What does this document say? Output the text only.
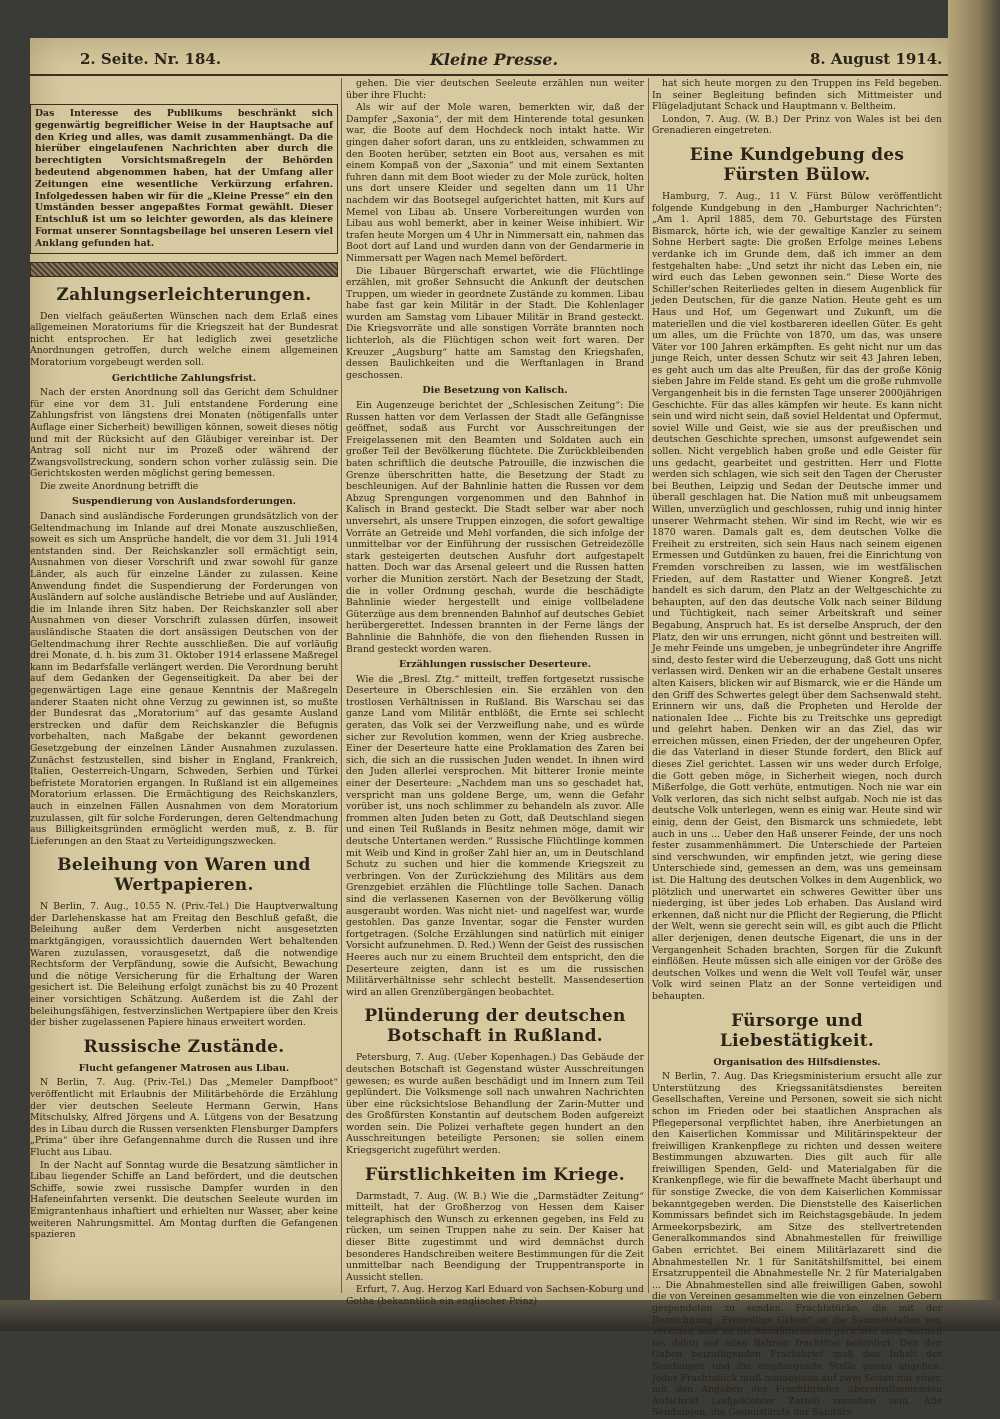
2. Seite. Nr. 184.	Kleine Presse.	8. August 1914.
Das Interesse des Publikums beschränkt sich gegenwärtig begreiflicher Weise in der Hauptsache auf den Krieg und alles, was damit zusammenhängt. Da die hierüber eingelaufenen Nachrichten aber durch die berechtigten Vorsichtsmaßregeln der Behörden bedeutend abgenommen haben, hat der Umfang aller Zeitungen eine wesentliche Verkürzung erfahren. Infolgedessen haben wir für die „Kleine Presse“ ein den Umständen besser angepaßtes Format gewählt. Dieser Entschluß ist um so leichter geworden, als das kleinere Format unserer Sonntagsbeilage bei unseren Lesern viel Anklang gefunden hat.
Zahlungserleichterungen.

Den vielfach geäußerten Wünschen nach dem Erlaß eines allgemeinen Moratoriums für die Kriegszeit hat der Bundesrat nicht entsprochen. Er hat lediglich zwei gesetzliche Anordnungen getroffen, durch welche einem allgemeinen Moratorium vorgebeugt werden soll.

Gerichtliche Zahlungsfrist.

Nach der ersten Anordnung soll das Gericht dem Schuldner für eine vor dem 31. Juli entstandene Forderung eine Zahlungsfrist von längstens drei Monaten (nötigenfalls unter Auflage einer Sicherheit) bewilligen können, soweit dieses nötig und mit der Rücksicht auf den Gläubiger vereinbar ist. Der Antrag soll nicht nur im Prozeß oder während der Zwangsvollstreckung, sondern schon vorher zulässig sein. Die Gerichtskosten werden möglichst gering bemessen.

Die zweite Anordnung betrifft die

Suspendierung von Auslandsforderungen.

Danach sind ausländische Forderungen grundsätzlich von der Geltendmachung im Inlande auf drei Monate auszuschließen, soweit es sich um Ansprüche handelt, die vor dem 31. Juli 1914 entstanden sind. Der Reichskanzler soll ermächtigt sein, Ausnahmen von dieser Vorschrift und zwar sowohl für ganze Länder, als auch für einzelne Länder zu zulassen. Keine Anwendung findet die Suspendierung der Forderungen von Ausländern auf solche ausländische Betriebe und auf Ausländer, die im Inlande ihren Sitz haben. Der Reichskanzler soll aber Ausnahmen von dieser Vorschrift zulassen dürfen, insoweit ausländische Staaten die dort ansässigen Deutschen von der Geltendmachung ihrer Rechte ausschließen. Die auf vorläufig drei Monate, d. h. bis zum 31. Oktober 1914 erlassene Maßregel kann im Bedarfsfalle verlängert werden. Die Verordnung beruht auf dem Gedanken der Gegenseitigkeit. Da aber bei der gegenwärtigen Lage eine genaue Kenntnis der Maßregeln anderer Staaten nicht ohne Verzug zu gewinnen ist, so mußte der Bundesrat das „Moratorium“ auf das gesamte Ausland erstrecken und dafür dem Reichskanzler die Befugnis vorbehalten, nach Maßgabe der bekannt gewordenen Gesetzgebung der einzelnen Länder Ausnahmen zuzulassen. Zunächst festzustellen, sind bisher in England, Frankreich, Italien, Oesterreich-Ungarn, Schweden, Serbien und Türkei befristete Moratorien ergangen. In Rußland ist ein allgemeines Moratorium erlassen. Die Ermächtigung des Reichskanzlers, auch in einzelnen Fällen Ausnahmen von dem Moratorium zuzulassen, gilt für solche Forderungen, deren Geltendmachung aus Billigkeitsgründen ermöglicht werden muß, z. B. für Lieferungen an den Staat zu Verteidigungszwecken.

Beleihung von Waren und Wertpapieren.

N Berlin, 7. Aug., 10.55 N. (Priv.-Tel.) Die Hauptverwaltung der Darlehenskasse hat am Freitag den Beschluß gefaßt, die Beleihung außer dem Verderben nicht ausgesetzten marktgängigen, voraussichtlich dauernden Wert behaltenden Waren zuzulassen, vorausgesetzt, daß die notwendige Rechtsform der Verpfändung, sowie die Aufsicht, Bewachung und die nötige Versicherung für die Erhaltung der Waren gesichert ist. Die Beleihung erfolgt zunächst bis zu 40 Prozent einer vorsichtigen Schätzung. Außerdem ist die Zahl der beleihungsfähigen, festverzinslichen Wertpapiere über den Kreis der bisher zugelassenen Papiere hinaus erweitert worden.

Russische Zustände.
Flucht gefangener Matrosen aus Libau.

N Berlin, 7. Aug. (Priv.-Tel.) Das „Memeler Dampfboot“ veröffentlicht mit Erlaubnis der Militärbehörde die Erzählung der vier deutschen Seeleute Hermann Gerwin, Hans Mitschulsky, Alfred Jörgens und A. Lütgens von der Besatzung des in Libau durch die Russen versenkten Flensburger Dampfers „Prima“ über ihre Gefangennahme durch die Russen und ihre Flucht aus Libau.

In der Nacht auf Sonntag wurde die Besatzung sämtlicher in Libau liegender Schiffe an Land befördert, und die deutschen Schiffe, sowie zwei russische Dampfer wurden in den Hafeneinfahrten versenkt. Die deutschen Seeleute wurden im Emigrantenhaus inhaftiert und erhielten nur Wasser, aber keine weiteren Nahrungsmittel. Am Montag durften die Gefangenen spazieren

gehen. Die vier deutschen Seeleute erzählen nun weiter über ihre Flucht:

Als wir auf der Mole waren, bemerkten wir, daß der Dampfer „Saxonia“, der mit dem Hinterende total gesunken war, die Boote auf dem Hochdeck noch intakt hatte. Wir gingen daher sofort daran, uns zu entkleiden, schwammen zu den Booten herüber, setzten ein Boot aus, versahen es mit einem Kompaß von der „Saxonia“ und mit einem Sextanten fuhren dann mit dem Boot wieder zu der Mole zurück, holten uns dort unsere Kleider und segelten dann um 11 Uhr nachdem wir das Bootsegel aufgerichtet hatten, mit Kurs auf Memel von Libau ab. Unsere Vorbereitungen wurden von Libau aus wohl bemerkt, aber in keiner Weise inhibiert. Wir trafen heute Morgen um 4 Uhr in Nimmersatt ein, nahmen das Boot dort auf Land und wurden dann von der Gendarmerie in Nimmersatt per Wagen nach Memel befördert.

Die Libauer Bürgerschaft erwartet, wie die Flüchtlinge erzählen, mit großer Sehnsucht die Ankunft der deutschen Truppen, um wieder in geordnete Zustände zu kommen. Libau habe fast gar kein Militär in der Stadt. Die Kohlenlager wurden am Samstag vom Libauer Militär in Brand gesteckt. Die Kriegsvorräte und alle sonstigen Vorräte brannten noch lichterloh, als die Flüchtigen schon weit fort waren. Der Kreuzer „Augsburg“ hatte am Samstag den Kriegshafen, dessen Baulichkeiten und die Werftanlagen in Brand geschossen.

Die Besetzung von Kalisch.

Ein Augenzeuge berichtet der „Schlesischen Zeitung“: Die Russen hatten vor dem Verlassen der Stadt alle Gefängnisse geöffnet, sodaß aus Furcht vor Ausschreitungen der Freigelassenen mit den Beamten und Soldaten auch ein großer Teil der Bevölkerung flüchtete. Die Zurückbleibenden baten schriftlich die deutsche Patrouille, die inzwischen die Grenze überschritten hatte, die Besetzung der Stadt zu beschleunigen. Auf der Bahnlinie hatten die Russen vor dem Abzug Sprengungen vorgenommen und den Bahnhof in Kalisch in Brand gesteckt. Die Stadt selber war aber noch unversehrt, als unsere Truppen einzogen, die sofort gewaltige Vorräte an Getreide und Mehl vorfanden, die sich infolge der unmittelbar vor der Einführung der russischen Getreidezölle stark gesteigerten deutschen Ausfuhr dort aufgestapelt hatten. Doch war das Arsenal geleert und die Russen hatten vorher die Munition zerstört. Nach der Besetzung der Stadt, die in voller Ordnung geschah, wurde die beschädigte Bahnlinie wieder hergestellt und einige vollbeladene Güterzüge aus dem brennenden Bahnhof auf deutsches Gebiet herübergerettet. Indessen brannten in der Ferne längs der Bahnlinie die Bahnhöfe, die von den fliehenden Russen in Brand gesteckt worden waren.

Erzählungen russischer Deserteure.

Wie die „Bresl. Ztg.“ mitteilt, treffen fortgesetzt russische Deserteure in Oberschlesien ein. Sie erzählen von den trostlosen Verhältnissen in Rußland. Bis Warschau sei das ganze Land vom Militär entblößt, die Ernte sei schlecht geraten, das Volk sei der Verzweiflung nahe, und es würde sicher zur Revolution kommen, wenn der Krieg ausbreche. Einer der Deserteure hatte eine Proklamation des Zaren bei sich, die sich an die russischen Juden wendet. In ihnen wird den Juden allerlei versprochen. Mit bitterer Ironie meinte einer der Deserteure: „Nachdem man uns so geschadet hat, verspricht man uns goldene Berge, um, wenn die Gefahr vorüber ist, uns noch schlimmer zu behandeln als zuvor. Alle frommen alten Juden beten zu Gott, daß Deutschland siegen und einen Teil Rußlands in Besitz nehmen möge, damit wir deutsche Untertanen werden.“ Russische Flüchtlinge kommen mit Weib und Kind in großer Zahl hier an, um in Deutschland Schutz zu suchen und hier die kommende Kriegszeit zu verbringen. Von der Zurückziehung des Militärs aus dem Grenzgebiet erzählen die Flüchtlinge tolle Sachen. Danach sind die verlassenen Kasernen von der Bevölkerung völlig ausgeraubt worden. Was nicht niet- und nagelfest war, wurde gestohlen. Das ganze Inventar, sogar die Fenster wurden fortgetragen. (Solche Erzählungen sind natürlich mit einiger Vorsicht aufzunehmen. D. Red.) Wenn der Geist des russischen Heeres auch nur zu einem Bruchteil dem entspricht, den die Deserteure zeigten, dann ist es um die russischen Militärverhältnisse sehr schlecht bestellt. Massendesertion wird an allen Grenzübergängen beobachtet.

Plünderung der deutschen Botschaft in Rußland.

Petersburg, 7. Aug. (Ueber Kopenhagen.) Das Gebäude der deutschen Botschaft ist Gegenstand wüster Ausschreitungen gewesen; es wurde außen beschädigt und im Innern zum Teil geplündert. Die Volksmenge soll nach unwahren Nachrichten über eine rücksichtslose Behandlung der Zarin-Mutter und des Großfürsten Konstantin auf deutschem Boden aufgereizt worden sein. Die Polizei verhaftete gegen hundert an den Ausschreitungen beteiligte Personen; sie sollen einem Kriegsgericht zugeführt werden.

Fürstlichkeiten im Kriege.

Darmstadt, 7. Aug. (W. B.) Wie die „Darmstädter Zeitung“ mitteilt, hat der Großherzog von Hessen dem Kaiser telegraphisch den Wunsch zu erkennen gegeben, ins Feld zu rücken, um seinen Truppen nahe zu sein. Der Kaiser hat dieser Bitte zugestimmt und wird demnächst durch besonderes Handschreiben weitere Bestimmungen für die Zeit unmittelbar nach Beendigung der Truppentransporte in Aussicht stellen.

Erfurt, 7. Aug. Herzog Karl Eduard von Sachsen-Koburg und Gotha (bekanntlich ein englischer Prinz)

hat sich heute morgen zu den Truppen ins Feld begeben. In seiner Begleitung befinden sich Mittmeister und Flügeladjutant Schack und Hauptmann v. Beltheim.

London, 7. Aug. (W. B.) Der Prinz von Wales ist bei den Grenadieren eingetreten.

Eine Kundgebung des Fürsten Bülow.

Hamburg, 7. Aug., 11 V. Fürst Bülow veröffentlicht folgende Kundgebung in den „Hamburger Nachrichten“: „Am 1. April 1885, dem 70. Geburtstage des Fürsten Bismarck, hörte ich, wie der gewaltige Kanzler zu seinem Sohne Herbert sagte: Die großen Erfolge meines Lebens verdanke ich im Grunde dem, daß ich immer an dem festgehalten habe: „Und setzt ihr nicht das Leben ein, nie wird euch das Leben gewonnen sein.“ Diese Worte des Schiller'schen Reiterliedes gelten in diesem Augenblick für jeden Deutschen, für die ganze Nation. Heute geht es um Haus und Hof, um Gegenwart und Zukunft, um die materiellen und die viel kostbareren ideellen Güter. Es geht um alles, um die Früchte von 1870, um das, was unsere Väter vor 100 Jahren erkämpften. Es geht nicht nur um das junge Reich, unter dessen Schutz wir seit 43 Jahren leben, es geht auch um das alte Preußen, für das der große König sieben Jahre im Felde stand. Es geht um die große ruhmvolle Vergangenheit bis in die fernsten Tage unserer 2000jährigen Geschichte. Für das alles kämpfen wir heute. Es kann nicht sein und wird nicht sein, daß soviel Heldentat und Opfermut, soviel Wille und Geist, wie sie aus der preußischen und deutschen Geschichte sprechen, umsonst aufgewendet sein sollen. Nicht vergeblich haben große und edle Geister für uns gedacht, gearbeitet und gestritten. Herr und Flotte werden sich schlagen, wie sich seit den Tagen der Cheruster bei Beuthen, Leipzig und Sedan der Deutsche immer und überall geschlagen hat. Die Nation muß mit unbeugsamem Willen, unverzüglich und geschlossen, ruhig und innig hinter unserer Wehrmacht stehen. Wir sind im Recht, wie wir es 1870 waren. Damals galt es, dem deutschen Volke die Freiheit zu erstreiten, sich sein Haus nach seinem eigenen Ermessen und Gutdünken zu bauen, frei die Einrichtung von Fremden vorschreiben zu lassen, wie im westfälischen Frieden, auf dem Rastatter und Wiener Kongreß. Jetzt handelt es sich darum, den Platz an der Weltgeschichte zu behaupten, auf den das deutsche Volk nach seiner Bildung und Tüchtigkeit, nach seiner Arbeitskraft und seiner Begabung, Anspruch hat. Es ist derselbe Anspruch, der den Platz, den wir uns errungen, nicht gönnt und bestreiten will. Je mehr Feinde uns umgeben, je unbegründeter ihre Angriffe sind, desto fester wird die Ueberzeugung, daß Gott uns nicht verlassen wird. Denken wir an die erhabene Gestalt unseres alten Kaisers, blicken wir auf Bismarck, wie er die Hände um den Griff des Schwertes gelegt über dem Sachsenwald steht. Erinnern wir uns, daß die Propheten und Herolde der nationalen Idee ... Fichte bis zu Treitschke uns gepredigt und gelehrt haben. Denken wir an das Ziel, das wir erreichen müssen, einen Frieden, der der ungeheuren Opfer, die das Vaterland in dieser Stunde fordert, den Blick auf dieses Ziel gerichtet. Lassen wir uns weder durch Erfolge, die Gott geben möge, in Sicherheit wiegen, noch durch Mißerfolge, die Gott verhüte, entmutigen. Noch nie war ein Volk verloren, das sich nicht selbst aufgab. Noch nie ist das deutsche Volk unterlegen, wenn es einig war. Heute sind wir einig, denn der Geist, den Bismarck uns schmiedete, lebt auch in uns ... Ueber den Haß unserer Feinde, der uns noch fester zusammenhämmert. Die Unterschiede der Parteien sind verschwunden, wir empfinden jetzt, wie gering diese Unterschiede sind, gemessen an dem, was uns gemeinsam ist. Die Haltung des deutschen Volkes in dem Augenblick, wo plötzlich und unerwartet ein schweres Gewitter über uns niederging, ist über jedes Lob erhaben. Das Ausland wird erkennen, daß nicht nur die Pflicht der Regierung, die Pflicht der Welt, wenn sie gerecht sein will, es gibt auch die Pflicht aller derjenigen, denen deutsche Eigenart, die uns in der Vergangenheit Schaden brachten, Sorgen für die Zukunft einflößen. Heute müssen sich alle einigen vor der Größe des deutschen Volkes und wenn die Welt voll Teufel wär, unser Volk wird seinen Platz an der Sonne verteidigen und behaupten.

Fürsorge und Liebestätigkeit.
Organisation des Hilfsdienstes.

N Berlin, 7. Aug. Das Kriegsministerium ersucht alle zur Unterstützung des Kriegssanitätsdienstes bereiten Gesellschaften, Vereine und Personen, soweit sie sich nicht schon im Frieden oder bei staatlichen Ansprachen als Pflegepersonal verpflichtet haben, ihre Anerbietungen an den Kaiserlichen Kommissar und Militärinspekteur der freiwilligen Krankenpflege zu richten und dessen weitere Bestimmungen abzuwarten. Dies gilt auch für alle freiwilligen Spenden, Geld- und Materialgaben für die Krankenpflege, wie für die bewaffnete Macht überhaupt und für sonstige Zwecke, die von dem Kaiserlichen Kommissar bekanntgegeben werden. Die Dienststelle des Kaiserlichen Kommissars befindet sich im Reichstagsgebäude. In jedem Armeekorpsbezirk, am Sitze des stellvertretenden Generalkommandos sind Abnahmestellen für freiwillige Gaben errichtet. Bei einem Militärlazarett sind die Abnahmestellen Nr. 1 für Sanitätshilfsmittel, bei einem Ersatzruppenteil die Abnahmestelle Nr. 2 für Materialgaben ... Die Abnahmestellen sind alle freiwilligen Gaben, sowohl die von Vereinen gesammelten wie die von einzelnen Gebern gespendeten zu senden. Frachtstücke, die mit der Bezeichnung „Freiwillige Gaben“ an die Sammelstellen von Vereinen oder an die Abnahmestellen gerichtet sind, werden bis dahin auf allen Bahnen frachtfrei befördert. Den den Gaben beizufügenden Frachtbrief muß den Inhalt der Sendungen und die empfangende Stelle genau angeben. Jedes Frachtstück muß mindestens auf zwei Seiten mit einer, mit den Angaben des Frachtbriefes übereinstimmenden Aufschrift (aufgeklebter Zettel) versehen sein. Alle Sendungen, die Gegenstände der Sanitäts-
